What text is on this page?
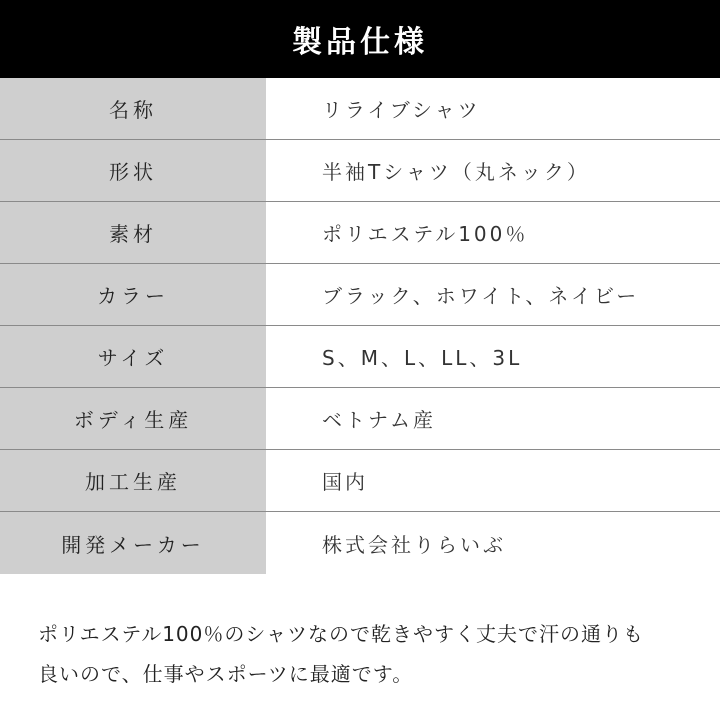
製品仕様
名称	リライブシャツ
形状	半袖Tシャツ（丸ネック）
素材	ポリエステル100％
カラー	ブラック、ホワイト、ネイビー
サイズ	S、M、L、LL、3L
ボディ生産	ベトナム産
加工生産	国内
開発メーカー	株式会社りらいぶ
ポリエステル100％のシャツなので乾きやすく丈夫で汗の通りも
良いので、仕事やスポーツに最適です。
